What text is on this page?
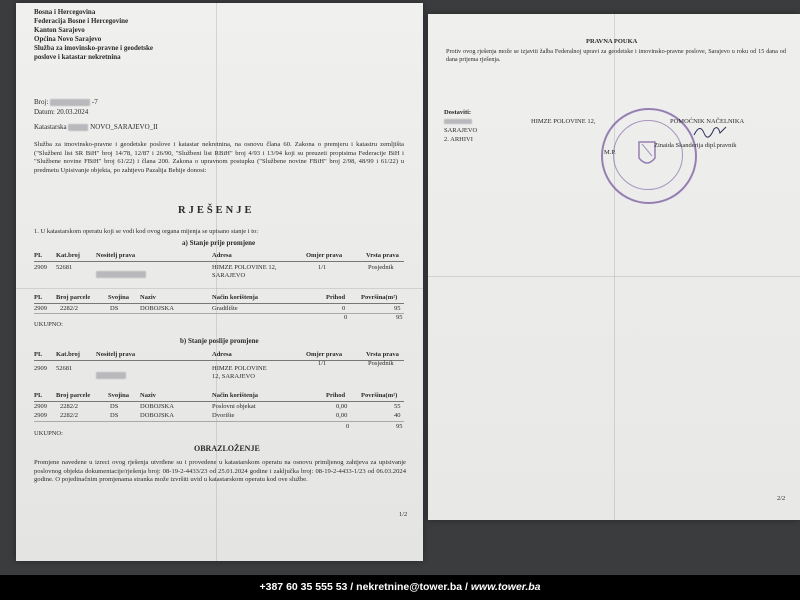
Bosna i Hercegovina
Federacija Bosne i Hercegovine
Kanton Sarajevo
Općina Novo Sarajevo
Služba za imovinsko-pravne i geodetske
poslove i katastar nekretnina
Broj:	-7
Datum: 20.03.2024
Katastarska	NOVO_SARAJEVO_II
Služba za imovinsko-pravne i geodetske poslove i katastar nekretnina, na osnovu člana 60. Zakona o premjeru i katastru zemljišta ("Službeni list SR BiH" broj 14/78, 12/87 i 26/90, "Službeni list RBiH" broj 4/93 i 13/94 koji su preuzeti propisima Federacije BiH i "Službene novine FBiH" broj 61/22) i člana 200. Zakona o upravnom postupku ("Službene novine FBiH" broj 2/98, 48/99 i 61/22) u predmetu Upisivanje objekta, po zahtjevu Pazalija Behije donosi:
RJEŠENJE
1. U katastarskom operatu koji se vodi kod ovog organa mijenja se upisano stanje i to:
a) Stanje prije promjene
PL Kat.broj Nositelj prava	Adresa	Omjer prava	Vrsta prava
2909 52681	HIMZE POLOVINE 12,
SARAJEVO
1/1	Posjednik
PL Broj parcele	Svojina Naziv	Način korištenja	Prihod Površina(m²)
2909 2282/2	DS	DOBOJSKA	Gradilište	0	95
0	95
UKUPNO:
b) Stanje poslije promjene
PL Kat.broj Nositelj prava	Adresa	Omjer prava	Vrsta prava
2909 52681	HIMZE POLOVINE
12, SARAJEVO
1/1	Posjednik
PL Broj parcele	Svojina Naziv	Način korištenja	Prihod Površina(m²)
2909 2282/2	DS	DOBOJSKA	Poslovni objekat	0,00	55
2909 2282/2	DS	DOBOJSKA	Dvorište	0,00	40
0	95
UKUPNO:
OBRAZLOŽENJE
Promjene navedene u izreci ovog rješenja utvrđene su i provedene u katastarskom operatu na osnovu primljenog zahtjeva za upisivanje poslovnog objekta dokumentacije/rješenja broj: 08-19-2-4433/23 od 25.01.2024 godine i zaključka broj: 08-19-2-4433-1/23 od 06.03.2024 godine. O pojedinačnim promjenama stranka može izvršiti uvid u katastarskom operatu kod ove službe.
1/2
PRAVNA POUKA
Protiv ovog rješenja može se izjaviti žalba Federalnoj upravi za geodetske i imovinsko-pravne poslove, Sarajevo u roku od 15 dana od dana prijema rješenja.
Dostaviti:
HIMZE POLOVINE 12,
SARAJEVO
2. ARHIVI
POMOĆNIK NAČELNIKA
Zinaida Skanderija dipl.pravnik
M.P.
2/2
+387 60 35 555 53 / nekretnine@tower.ba / www.tower.ba
